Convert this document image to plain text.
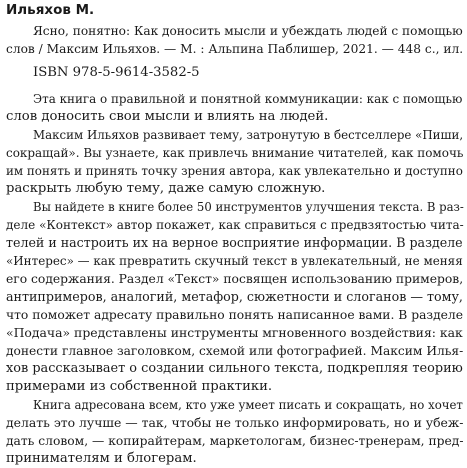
Ильяхов М.
Ясно, понятно: Как доносить мысли и убеждать людей с помощью
слов / Максим Ильяхов. — М. : Альпина Паблишер, 2021. — 448 с., ил.
ISBN 978-5-9614-3582-5
Эта книга о правильной и понятной коммуникации: как с помощью
слов доносить свои мысли и влиять на людей.
Максим Ильяхов развивает тему, затронутую в бестселлере «Пиши,
сокращай». Вы узнаете, как привлечь внимание читателей, как помочь
им понять и принять точку зрения автора, как увлекательно и доступно
раскрыть любую тему, даже самую сложную.
Вы найдете в книге более 50 инструментов улучшения текста. В раз-
деле «Контекст» автор покажет, как справиться с предвзятостью чита-
телей и настроить их на верное восприятие информации. В разделе
«Интерес» — как превратить скучный текст в увлекательный, не меняя
его содержания. Раздел «Текст» посвящен использованию примеров,
антипримеров, аналогий, метафор, сюжетности и слоганов — тому,
что поможет адресату правильно понять написанное вами. В разделе
«Подача» представлены инструменты мгновенного воздействия: как
донести главное заголовком, схемой или фотографией. Максим Илья-
хов рассказывает о создании сильного текста, подкрепляя теорию
примерами из собственной практики.
Книга адресована всем, кто уже умеет писать и сокращать, но хочет
делать это лучше — так, чтобы не только информировать, но и убеж-
дать словом, — копирайтерам, маркетологам, бизнес-тренерам, пред-
принимателям и блогерам.
